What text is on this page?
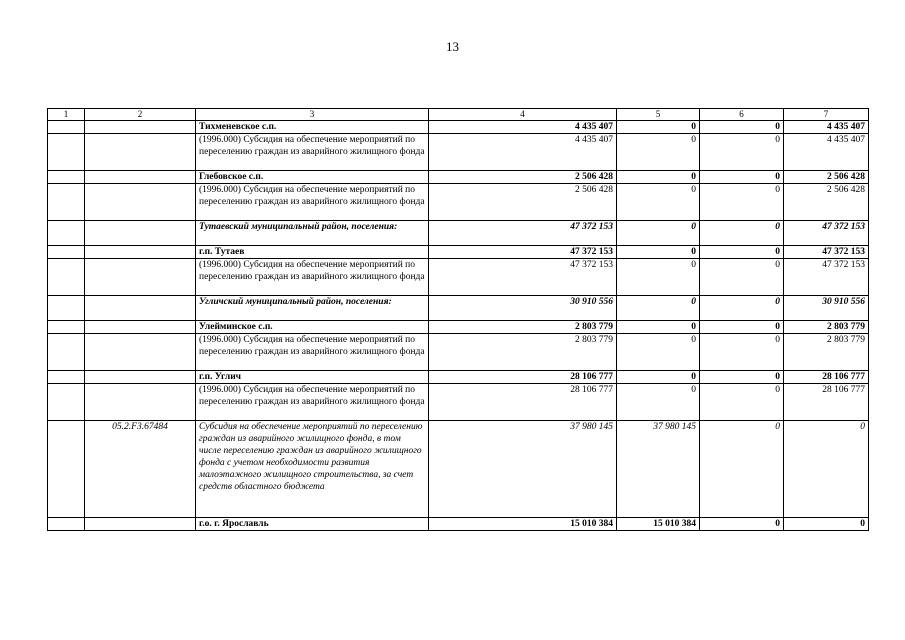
13
1	2	3	4	5	6	7
		Тихменевское с.п.	4 435 407	0	0	4 435 407
		(1996.000) Субсидия на обеспечение мероприятий по переселению граждан из аварийного жилищного фонда	4 435 407	0	0	4 435 407
		Глебовское с.п.	2 506 428	0	0	2 506 428
		(1996.000) Субсидия на обеспечение мероприятий по переселению граждан из аварийного жилищного фонда	2 506 428	0	0	2 506 428
		Тутаевский муниципальный район, поселения:	47 372 153	0	0	47 372 153
		г.п. Тутаев	47 372 153	0	0	47 372 153
		(1996.000) Субсидия на обеспечение мероприятий по переселению граждан из аварийного жилищного фонда	47 372 153	0	0	47 372 153
		Угличский муниципальный район, поселения:	30 910 556	0	0	30 910 556
		Улейминское с.п.	2 803 779	0	0	2 803 779
		(1996.000) Субсидия на обеспечение мероприятий по переселению граждан из аварийного жилищного фонда	2 803 779	0	0	2 803 779
		г.п. Углич	28 106 777	0	0	28 106 777
		(1996.000) Субсидия на обеспечение мероприятий по переселению граждан из аварийного жилищного фонда	28 106 777	0	0	28 106 777
	05.2.F3.67484	Субсидия на обеспечение мероприятий по переселению граждан из аварийного жилищного фонда, в том числе переселению граждан из аварийного жилищного фонда с учетом необходимости развития малоэтажного жилищного строительства, за счет средств областного бюджета	37 980 145	37 980 145	0	0
		г.о. г. Ярославль	15 010 384	15 010 384	0	0
